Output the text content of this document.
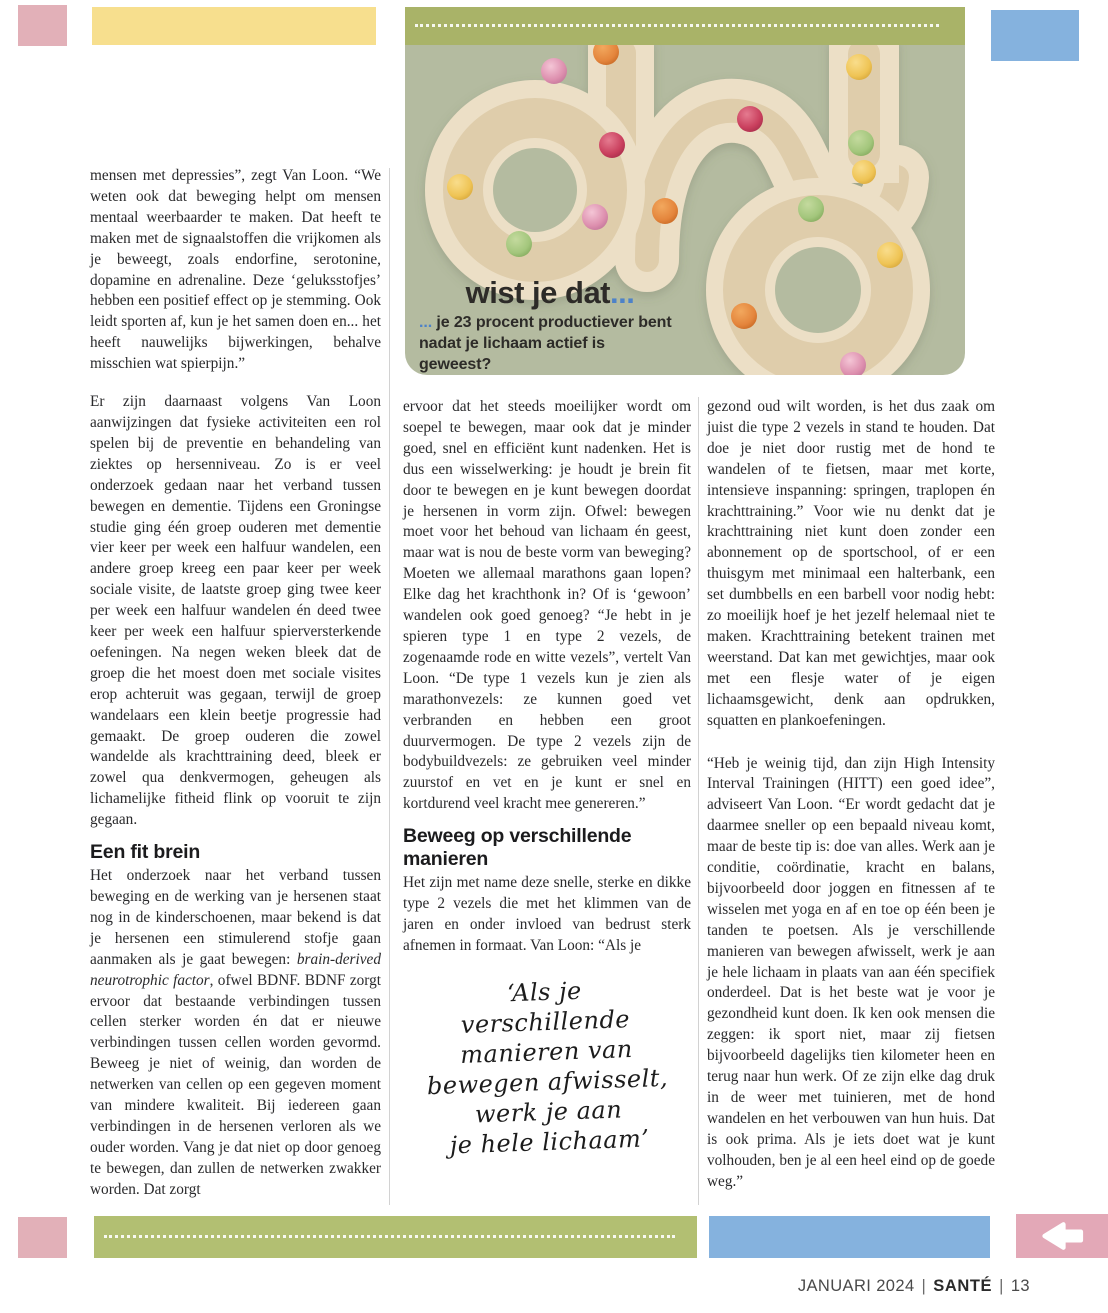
wist je dat...
... je 23 procent productiever bent
nadat je lichaam actief is geweest?

mensen met depressies”, zegt Van Loon. “We weten ook dat beweging helpt om mensen mentaal weerbaarder te maken. Dat heeft te maken met de signaalstoffen die vrijkomen als je beweegt, zoals endorfine, serotonine, dopamine en adrenaline. Deze ‘geluksstofjes’ hebben een positief effect op je stemming. Ook leidt sporten af, kun je het samen doen en... het heeft nauwelijks bijwerkingen, behalve misschien wat spierpijn.”

Er zijn daarnaast volgens Van Loon aanwijzingen dat fysieke activiteiten een rol spelen bij de preventie en behandeling van ziektes op hersenniveau. Zo is er veel onderzoek gedaan naar het verband tussen bewegen en dementie. Tijdens een Groningse studie ging één groep ouderen met dementie vier keer per week een halfuur wandelen, een andere groep kreeg een paar keer per week sociale visite, de laatste groep ging twee keer per week een halfuur wandelen én deed twee keer per week een halfuur spierversterkende oefeningen. Na negen weken bleek dat de groep die het moest doen met sociale visites erop achteruit was gegaan, terwijl de groep wandelaars een klein beetje progressie had gemaakt. De groep ouderen die zowel wandelde als krachttraining deed, bleek er zowel qua denkvermogen, geheugen als lichamelijke fitheid flink op vooruit te zijn gegaan.

Een fit brein

Het onderzoek naar het verband tussen beweging en de werking van je hersenen staat nog in de kinderschoenen, maar bekend is dat je hersenen een stimulerend stofje gaan aanmaken als je gaat bewegen: brain-derived neurotrophic factor, ofwel BDNF. BDNF zorgt ervoor dat bestaande verbindingen tussen cellen sterker worden én dat er nieuwe verbindingen tussen cellen worden gevormd. Beweeg je niet of weinig, dan worden de netwerken van cellen op een gegeven moment van mindere kwaliteit. Bij iedereen gaan verbindingen in de hersenen verloren als we ouder worden. Vang je dat niet op door genoeg te bewegen, dan zullen de netwerken zwakker worden. Dat zorgt

ervoor dat het steeds moeilijker wordt om soepel te bewegen, maar ook dat je minder goed, snel en efficiënt kunt nadenken. Het is dus een wisselwerking: je houdt je brein fit door te bewegen en je kunt bewegen doordat je hersenen in vorm zijn. Ofwel: bewegen moet voor het behoud van lichaam én geest, maar wat is nou de beste vorm van beweging? Moeten we allemaal marathons gaan lopen? Elke dag het krachthonk in? Of is ‘gewoon’ wandelen ook goed genoeg? “Je hebt in je spieren type 1 en type 2 vezels, de zogenaamde rode en witte vezels”, vertelt Van Loon. “De type 1 vezels kun je zien als marathonvezels: ze kunnen goed vet verbranden en hebben een groot duurvermogen. De type 2 vezels zijn de bodybuildvezels: ze gebruiken veel minder zuurstof en vet en je kunt er snel en kortdurend veel kracht mee genereren.”

Beweeg op verschillende manieren

Het zijn met name deze snelle, sterke en dikke type 2 vezels die met het klimmen van de jaren en onder invloed van bedrust sterk afnemen in formaat. Van Loon: “Als je

‘Als je
verschillende
manieren van
bewegen afwisselt,
werk je aan
je hele lichaam’

gezond oud wilt worden, is het dus zaak om juist die type 2 vezels in stand te houden. Dat doe je niet door rustig met de hond te wandelen of te fietsen, maar met korte, intensieve inspanning: springen, traplopen én krachttraining.” Voor wie nu denkt dat je krachttraining niet kunt doen zonder een abonnement op de sportschool, of er een thuisgym met minimaal een halterbank, een set dumbbells en een barbell voor nodig hebt: zo moeilijk hoef je het jezelf helemaal niet te maken. Krachttraining betekent trainen met weerstand. Dat kan met gewichtjes, maar ook met een flesje water of je eigen lichaamsgewicht, denk aan opdrukken, squatten en plankoefeningen.

“Heb je weinig tijd, dan zijn High Intensity Interval Trainingen (HITT) een goed idee”, adviseert Van Loon. “Er wordt gedacht dat je daarmee sneller op een bepaald niveau komt, maar de beste tip is: doe van alles. Werk aan je conditie, coördinatie, kracht en balans, bijvoorbeeld door joggen en fitnessen af te wisselen met yoga en af en toe op één been je tanden te poetsen. Als je verschillende manieren van bewegen afwisselt, werk je aan je hele lichaam in plaats van aan één specifiek onderdeel. Dat is het beste wat je voor je gezondheid kunt doen. Ik ken ook mensen die zeggen: ik sport niet, maar zij fietsen bijvoorbeeld dagelijks tien kilometer heen en terug naar hun werk. Of ze zijn elke dag druk in de weer met tuinieren, met de hond wandelen en het verbouwen van hun huis. Dat is ook prima. Als je iets doet wat je kunt volhouden, ben je al een heel eind op de goede weg.”

JANUARI 2024 | SANTÉ | 13
